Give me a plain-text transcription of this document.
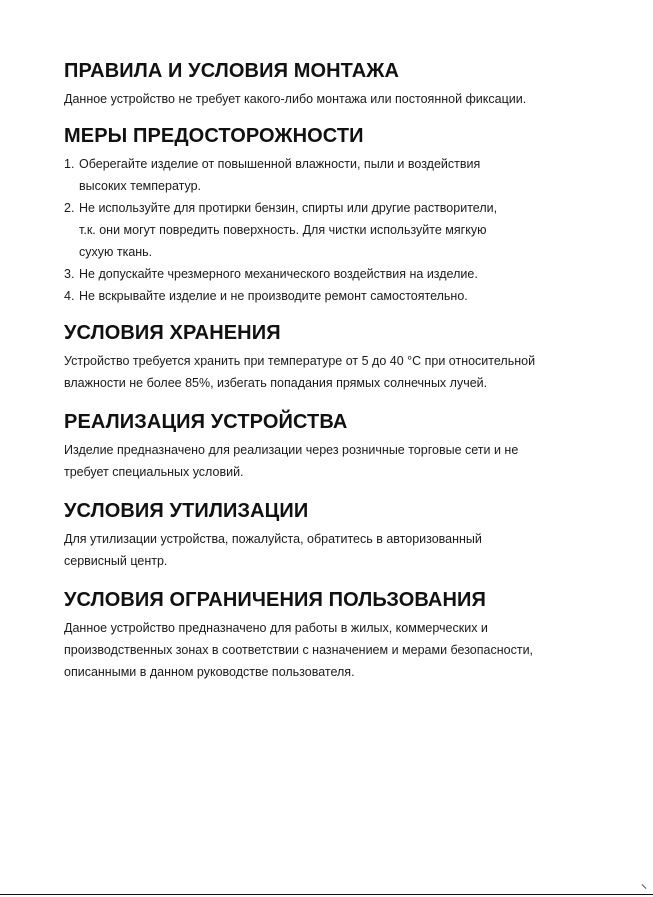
ПРАВИЛА И УСЛОВИЯ МОНТАЖА

Данное устройство не требует какого-либо монтажа или постоянной фиксации.

МЕРЫ ПРЕДОСТОРОЖНОСТИ
1. Оберегайте изделие от повышенной влажности, пыли и воздействия
высоких температур.
2. Не используйте для протирки бензин, спирты или другие растворители,
т.к. они могут повредить поверхность. Для чистки используйте мягкую
сухую ткань.
3. Не допускайте чрезмерного механического воздействия на изделие.
4. Не вскрывайте изделие и не производите ремонт самостоятельно.
УСЛОВИЯ ХРАНЕНИЯ

Устройство требуется хранить при температуре от 5 до 40 °С при относительной

влажности не более 85%, избегать попадания прямых солнечных лучей.

РЕАЛИЗАЦИЯ УСТРОЙСТВА

Изделие предназначено для реализации через розничные торговые сети и не

требует специальных условий.

УСЛОВИЯ УТИЛИЗАЦИИ

Для утилизации устройства, пожалуйста, обратитесь в авторизованный

сервисный центр.

УСЛОВИЯ ОГРАНИЧЕНИЯ ПОЛЬЗОВАНИЯ

Данное устройство предназначено для работы в жилых, коммерческих и

производственных зонах в соответствии с назначением и мерами безопасности,

описанными в данном руководстве пользователя.
